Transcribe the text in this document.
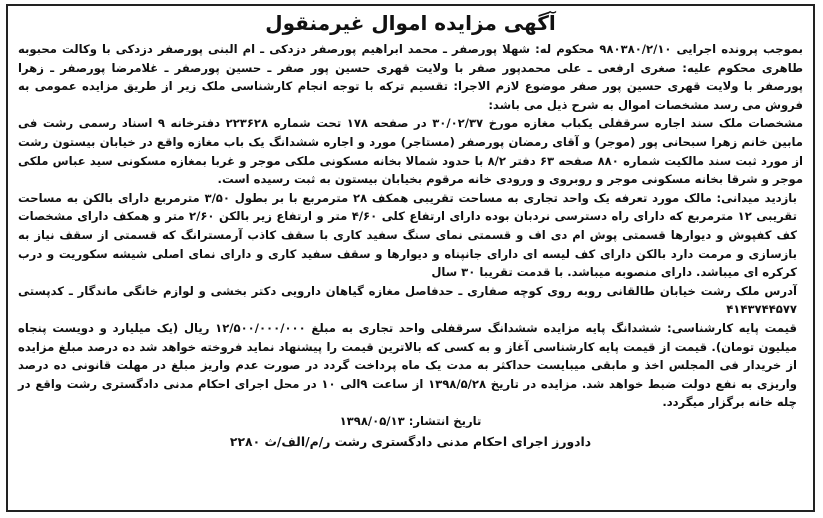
آگهی مزایده اموال غیرمنقول

بموجب پرونده اجرایی ۹۸۰۳۸۰/۲/۱۰ محکوم له: شهلا پورصفر ـ محمد ابراهیم پورصفر دزدکی ـ ام البنی پورصفر دزدکی با وکالت محبوبه طاهری محکوم علیه: صغری ارفعی ـ علی محمدپور صفر با ولایت قهری حسین پور صفر ـ حسین پورصفر ـ غلامرضا پورصفر ـ زهرا پورصفر با ولایت قهری حسین پور صفر موضوع لازم الاجرا: تقسیم ترکه با توجه انجام کارشناسی ملک زیر از طریق مزایده عمومی به فروش می رسد مشخصات اموال به شرح ذیل می باشد:

مشخصات ملک سند اجاره سرقفلی یکباب مغازه مورخ ۳۰/۰۲/۳۷ در صفحه ۱۷۸ تحت شماره ۲۲۳۶۲۸ دفترخانه ۹ اسناد رسمی رشت فی مابین خانم زهرا سبحانی پور (موجر) و آقای رمضان پورصفر (مستاجر) مورد و اجاره ششدانگ یک باب مغازه واقع در خیابان بیستون رشت از مورد ثبت سند مالکیت شماره ۸۸۰ صفحه ۶۳ دفتر ۸/۲ با حدود شمالا بخانه مسکونی ملکی موجر و غربا بمغازه مسکونی سید عباس ملکی موجر و شرقا بخانه مسکونی موجر و روبروی و ورودی خانه مرقوم بخیابان بیستون به ثبت رسیده است.

بازدید میدانی: مالک مورد تعرفه یک واحد تجاری به مساحت تقریبی همکف ۲۸ مترمربع با بر بطول ۳/۵۰ مترمربع دارای بالکن به مساحت تقریبی ۱۲ مترمربع که دارای راه دسترسی نردبان بوده دارای ارتفاع کلی ۴/۶۰ متر و ارتفاع زیر بالکن ۲/۶۰ متر و همکف دارای مشخصات کف کفپوش و دیوارها قسمتی پوش ام دی اف و قسمتی نمای سنگ سفید کاری با سقف کاذب آرمسترانگ که قسمتی از سقف نیاز به بازسازی و مرمت دارد بالکن دارای کف لیسه ای دارای جانپناه و دیوارها و سقف سفید کاری و دارای نمای اصلی شیشه سکوریت و درب کرکره ای میباشد. دارای منصوبه میباشد. با قدمت تقریبا ۳۰ سال

آدرس ملک رشت خیابان طالقانی روبه روی کوچه صفاری ـ حدفاصل مغازه گیاهان دارویی دکتر بخشی و لوازم خانگی ماندگار ـ کدپستی ۴۱۴۳۷۴۴۵۷۷

قیمت پایه کارشناسی: ششدانگ پایه مزایده ششدانگ سرقفلی واحد تجاری به مبلغ ۱۲/۵۰۰/۰۰۰/۰۰۰ ریال (یک میلیارد و دویست پنجاه میلیون تومان). قیمت از قیمت پایه کارشناسی آغاز و به کسی که بالاترین قیمت را پیشنهاد نماید فروخته خواهد شد ده درصد مبلغ مزایده از خریدار فی المجلس اخذ و مابقی میبایست حداکثر به مدت یک ماه پرداخت گردد در صورت عدم واریز مبلغ در مهلت قانونی ده درصد واریزی به نفع دولت ضبط خواهد شد. مزایده در تاریخ ۱۳۹۸/۵/۲۸ از ساعت ۹الی ۱۰ در محل اجرای احکام مدنی دادگستری رشت واقع در چله خانه برگزار میگردد.

تاریخ انتشار: ۱۳۹۸/۰۵/۱۳

دادورز اجرای احکام مدنی دادگستری رشت ر/م/الف/ث ۲۲۸۰
